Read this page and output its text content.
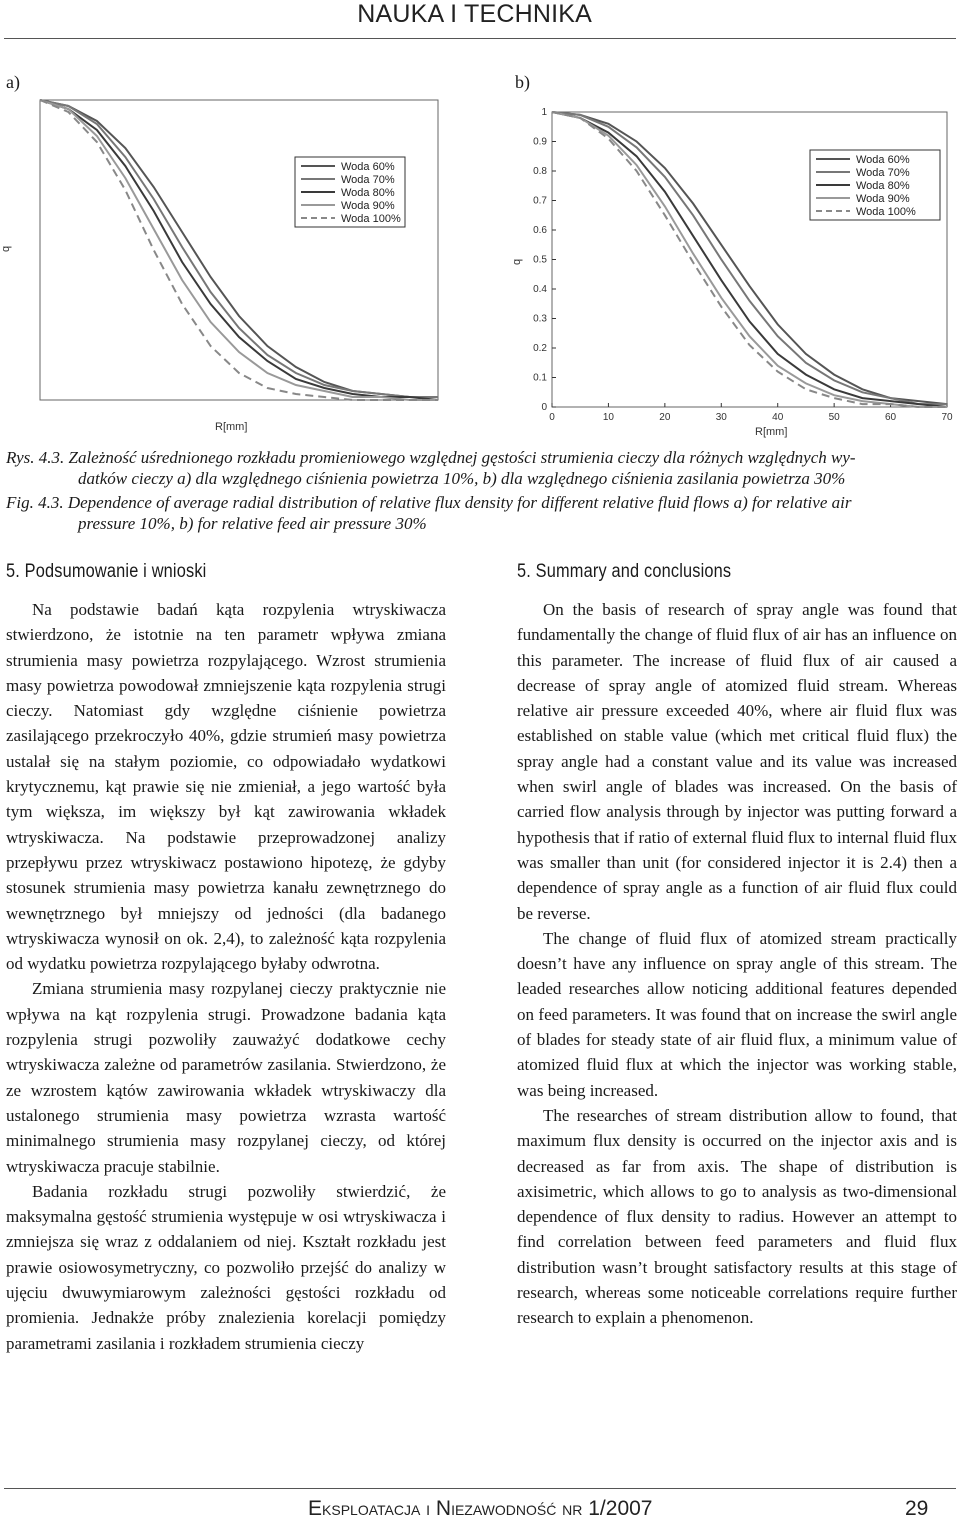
NAUKA I TECHNIKA
a)	b)
Woda 60%
Woda 70%
Woda 80%
Woda 90%
Woda 100%
q
R[mm]
0	10	20	30	40	50	60	70
0
0.1
0.2
0.3
0.4
0.5
0.6
0.7
0.8
0.9
1
Woda 60%
Woda 70%
Woda 80%
Woda 90%
Woda 100%
q
R[mm]
Rys. 4.3. Zależność uśrednionego rozkładu promieniowego względnej gęstości strumienia cieczy dla różnych względnych wy-
datków cieczy a) dla względnego ciśnienia powietrza 10%, b) dla względnego ciśnienia zasilania powietrza 30%
Fig. 4.3. Dependence of average radial distribution of relative flux density for different relative fluid flows a) for relative air
pressure 10%, b) for relative feed air pressure 30%
5. Podsumowanie i wnioski	5. Summary and conclusions

Na podstawie badań kąta rozpylenia wtryskiwacza stwierdzono, że istotnie na ten parametr wpływa zmiana strumienia masy powietrza rozpylającego. Wzrost strumienia masy powietrza powodował zmniejszenie kąta rozpylenia strugi cieczy. Natomiast gdy względne ciśnienie powietrza zasilającego przekroczyło 40%, gdzie strumień masy powietrza ustalał się na stałym poziomie, co odpowiadało wydatkowi krytycznemu, kąt prawie się nie zmieniał, a jego wartość była tym większa, im większy był kąt zawirowania wkładek wtryskiwacza. Na podstawie przeprowadzonej analizy przepływu przez wtryskiwacz postawiono hipotezę, że gdyby stosunek strumienia masy powietrza kanału zewnętrznego do wewnętrznego był mniejszy od jedności (dla badanego wtryskiwacza wynosił on ok. 2,4), to zależność kąta rozpylenia od wydatku powietrza rozpylającego byłaby odwrotna.

Zmiana strumienia masy rozpylanej cieczy praktycznie nie wpływa na kąt rozpylenia strugi. Prowadzone badania kąta rozpylenia strugi pozwoliły zauważyć dodatkowe cechy wtryskiwacza zależne od parametrów zasilania. Stwierdzono, że ze wzrostem kątów zawirowania wkładek wtryskiwaczy dla ustalonego strumienia masy powietrza wzrasta wartość minimalnego strumienia masy rozpylanej cieczy, od której wtryskiwacza pracuje stabilnie.

Badania rozkładu strugi pozwoliły stwierdzić, że maksymalna gęstość strumienia występuje w osi wtryskiwacza i zmniejsza się wraz z oddalaniem od niej. Kształt rozkładu jest prawie osiowosymetryczny, co pozwoliło przejść do analizy w ujęciu dwuwymiarowym zależności gęstości rozkładu od promienia. Jednakże próby znalezienia korelacji pomiędzy parametrami zasilania i rozkładem strumienia cieczy

On the basis of research of spray angle was found that fundamentally the change of fluid flux of air has an influence on this parameter. The increase of fluid flux of air caused a decrease of spray angle of atomized fluid stream. Whereas relative air pressure exceeded 40%, where air fluid flux was established on stable value (which met critical fluid flux) the spray angle had a constant value and its value was increased when swirl angle of blades was increased. On the basis of carried flow analysis through by injector was putting forward a hypothesis that if ratio of external fluid flux to internal fluid flux was smaller than unit (for considered injector it is 2.4) then a dependence of spray angle as a function of air fluid flux could be reverse.

The change of fluid flux of atomized stream practically doesn’t have any influence on spray angle of this stream. The leaded researches allow noticing additional features depended on feed parameters. It was found that on increase the swirl angle of blades for steady state of air fluid flux, a minimum value of atomized fluid flux at which the injector was working stable, was being increased.

The researches of stream distribution allow to found, that maximum flux density is occurred on the injector axis and is decreased as far from axis. The shape of distribution is axisimetric, which allows to go to analysis as two-dimensional dependence of flux density to radius. However an attempt to find correlation between feed parameters and fluid flux distribution wasn’t brought satisfactory results at this stage of research, whereas some noticeable correlations require further research to explain a phenomenon.

EKSPLOATACJA I NIEZAWODNOŚĆ NR 1/2007	29
